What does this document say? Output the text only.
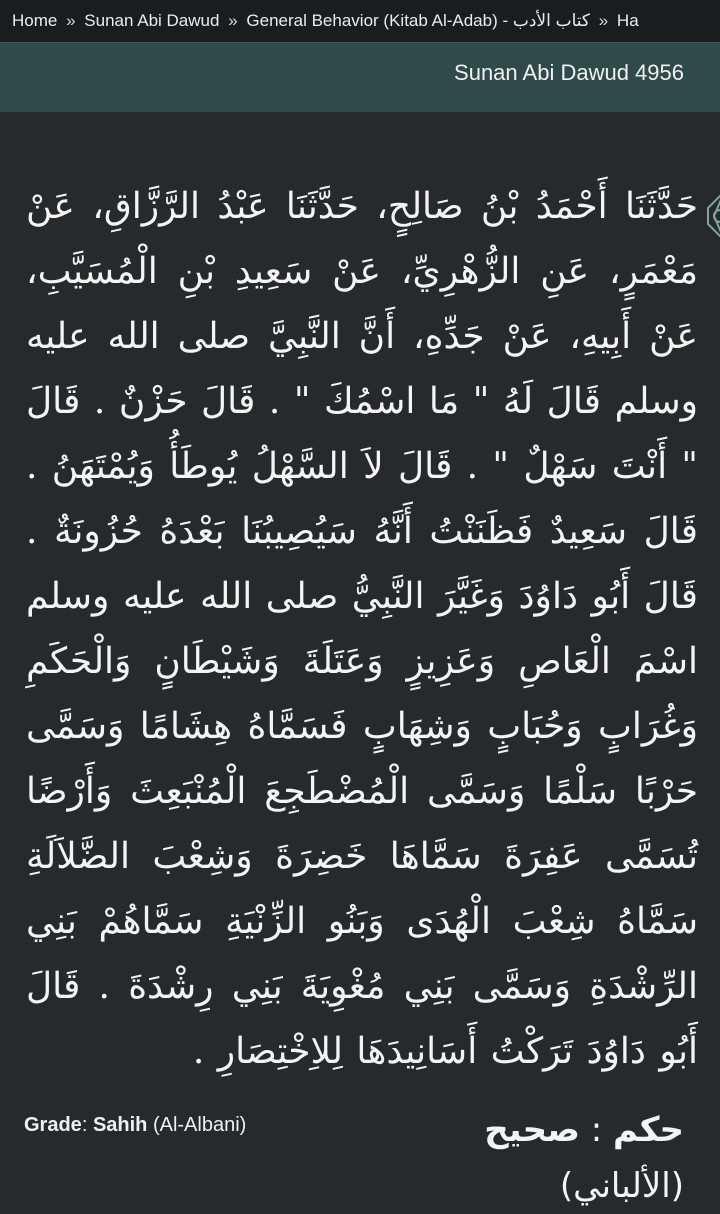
Home » Sunan Abi Dawud » General Behavior (Kitab Al-Adab) - كتاب الأدب » Ha
Sunan Abi Dawud 4956
حَدَّثَنَا أَحْمَدُ بْنُ صَالِحٍ، حَدَّثَنَا عَبْدُ الرَّزَّاقِ، عَنْ مَعْمَرٍ، عَنِ الزُّهْرِيِّ، عَنْ سَعِيدِ بْنِ الْمُسَيَّبِ، عَنْ أَبِيهِ، عَنْ جَدِّهِ، أَنَّ النَّبِيَّ صلى الله عليه وسلم قَالَ لَهُ " مَا اسْمُكَ " . قَالَ حَزْنٌ . قَالَ " أَنْتَ سَهْلٌ " . قَالَ لاَ السَّهْلُ يُوطَأُ وَيُمْتَهَنُ . قَالَ سَعِيدٌ فَظَنَنْتُ أَنَّهُ سَيُصِيبُنَا بَعْدَهُ حُزُونَةٌ . قَالَ أَبُو دَاوُدَ وَغَيَّرَ النَّبِيُّ صلى الله عليه وسلم اسْمَ الْعَاصِ وَعَزِيزٍ وَعَتَلَةَ وَشَيْطَانٍ وَالْحَكَمِ وَغُرَابٍ وَحُبَابٍ وَشِهَابٍ فَسَمَّاهُ هِشَامًا وَسَمَّى حَرْبًا سَلْمًا وَسَمَّى الْمُضْطَجِعَ الْمُنْبَعِثَ وَأَرْضًا تُسَمَّى عَفِرَةَ سَمَّاهَا خَضِرَةَ وَشِعْبَ الضَّلاَلَةِ سَمَّاهُ شِعْبَ الْهُدَى وَبَنُو الزِّنْيَةِ سَمَّاهُمْ بَنِي الرِّشْدَةِ وَسَمَّى بَنِي مُغْوِيَةَ بَنِي رِشْدَةَ . قَالَ أَبُو دَاوُدَ تَرَكْتُ أَسَانِيدَهَا لِلاِخْتِصَارِ .
Grade: Sahih (Al-Albani)	حكم : صحيح
(الألباني)
